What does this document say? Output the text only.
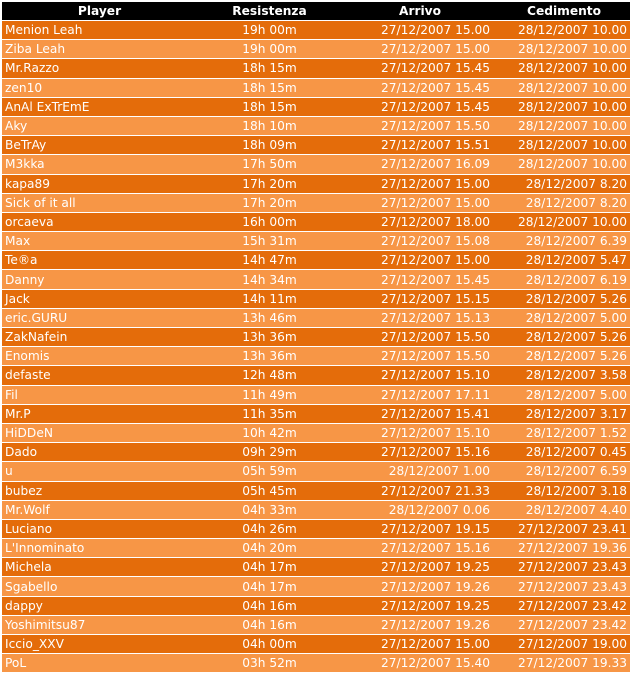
Player	Resistenza	Arrivo	Cedimento
Menion Leah	19h 00m	27/12/2007 15.00	28/12/2007 10.00
Ziba Leah	19h 00m	27/12/2007 15.00	28/12/2007 10.00
Mr.Razzo	18h 15m	27/12/2007 15.45	28/12/2007 10.00
zen10	18h 15m	27/12/2007 15.45	28/12/2007 10.00
AnAl ExTrEmE	18h 15m	27/12/2007 15.45	28/12/2007 10.00
Aky	18h 10m	27/12/2007 15.50	28/12/2007 10.00
BeTrAy	18h 09m	27/12/2007 15.51	28/12/2007 10.00
M3kka	17h 50m	27/12/2007 16.09	28/12/2007 10.00
kapa89	17h 20m	27/12/2007 15.00	28/12/2007 8.20
Sick of it all	17h 20m	27/12/2007 15.00	28/12/2007 8.20
orcaeva	16h 00m	27/12/2007 18.00	28/12/2007 10.00
Max	15h 31m	27/12/2007 15.08	28/12/2007 6.39
Te®a	14h 47m	27/12/2007 15.00	28/12/2007 5.47
Danny	14h 34m	27/12/2007 15.45	28/12/2007 6.19
Jack	14h 11m	27/12/2007 15.15	28/12/2007 5.26
eric.GURU	13h 46m	27/12/2007 15.13	28/12/2007 5.00
ZakNafein	13h 36m	27/12/2007 15.50	28/12/2007 5.26
Enomis	13h 36m	27/12/2007 15.50	28/12/2007 5.26
defaste	12h 48m	27/12/2007 15.10	28/12/2007 3.58
Fil	11h 49m	27/12/2007 17.11	28/12/2007 5.00
Mr.P	11h 35m	27/12/2007 15.41	28/12/2007 3.17
HiDDeN	10h 42m	27/12/2007 15.10	28/12/2007 1.52
Dado	09h 29m	27/12/2007 15.16	28/12/2007 0.45
u	05h 59m	28/12/2007 1.00	28/12/2007 6.59
bubez	05h 45m	27/12/2007 21.33	28/12/2007 3.18
Mr.Wolf	04h 33m	28/12/2007 0.06	28/12/2007 4.40
Luciano	04h 26m	27/12/2007 19.15	27/12/2007 23.41
L'Innominato	04h 20m	27/12/2007 15.16	27/12/2007 19.36
Michela	04h 17m	27/12/2007 19.25	27/12/2007 23.43
Sgabello	04h 17m	27/12/2007 19.26	27/12/2007 23.43
dappy	04h 16m	27/12/2007 19.25	27/12/2007 23.42
Yoshimitsu87	04h 16m	27/12/2007 19.26	27/12/2007 23.42
Iccio_XXV	04h 00m	27/12/2007 15.00	27/12/2007 19.00
PoL	03h 52m	27/12/2007 15.40	27/12/2007 19.33
